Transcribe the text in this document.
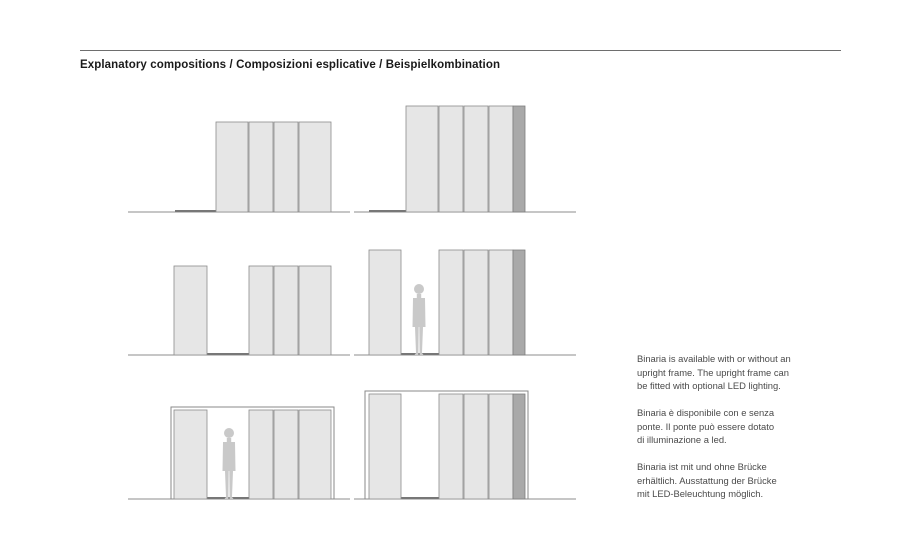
Explanatory compositions / Composizioni esplicative / Beispielkombination
Binaria is available with or without an
upright frame. The upright frame can
be fitted with optional LED lighting.
Binaria è disponibile con e senza
ponte. Il ponte può essere dotato
di illuminazione a led.
Binaria ist mit und ohne Brücke
erhältlich. Ausstattung der Brücke
mit LED-Beleuchtung möglich.
